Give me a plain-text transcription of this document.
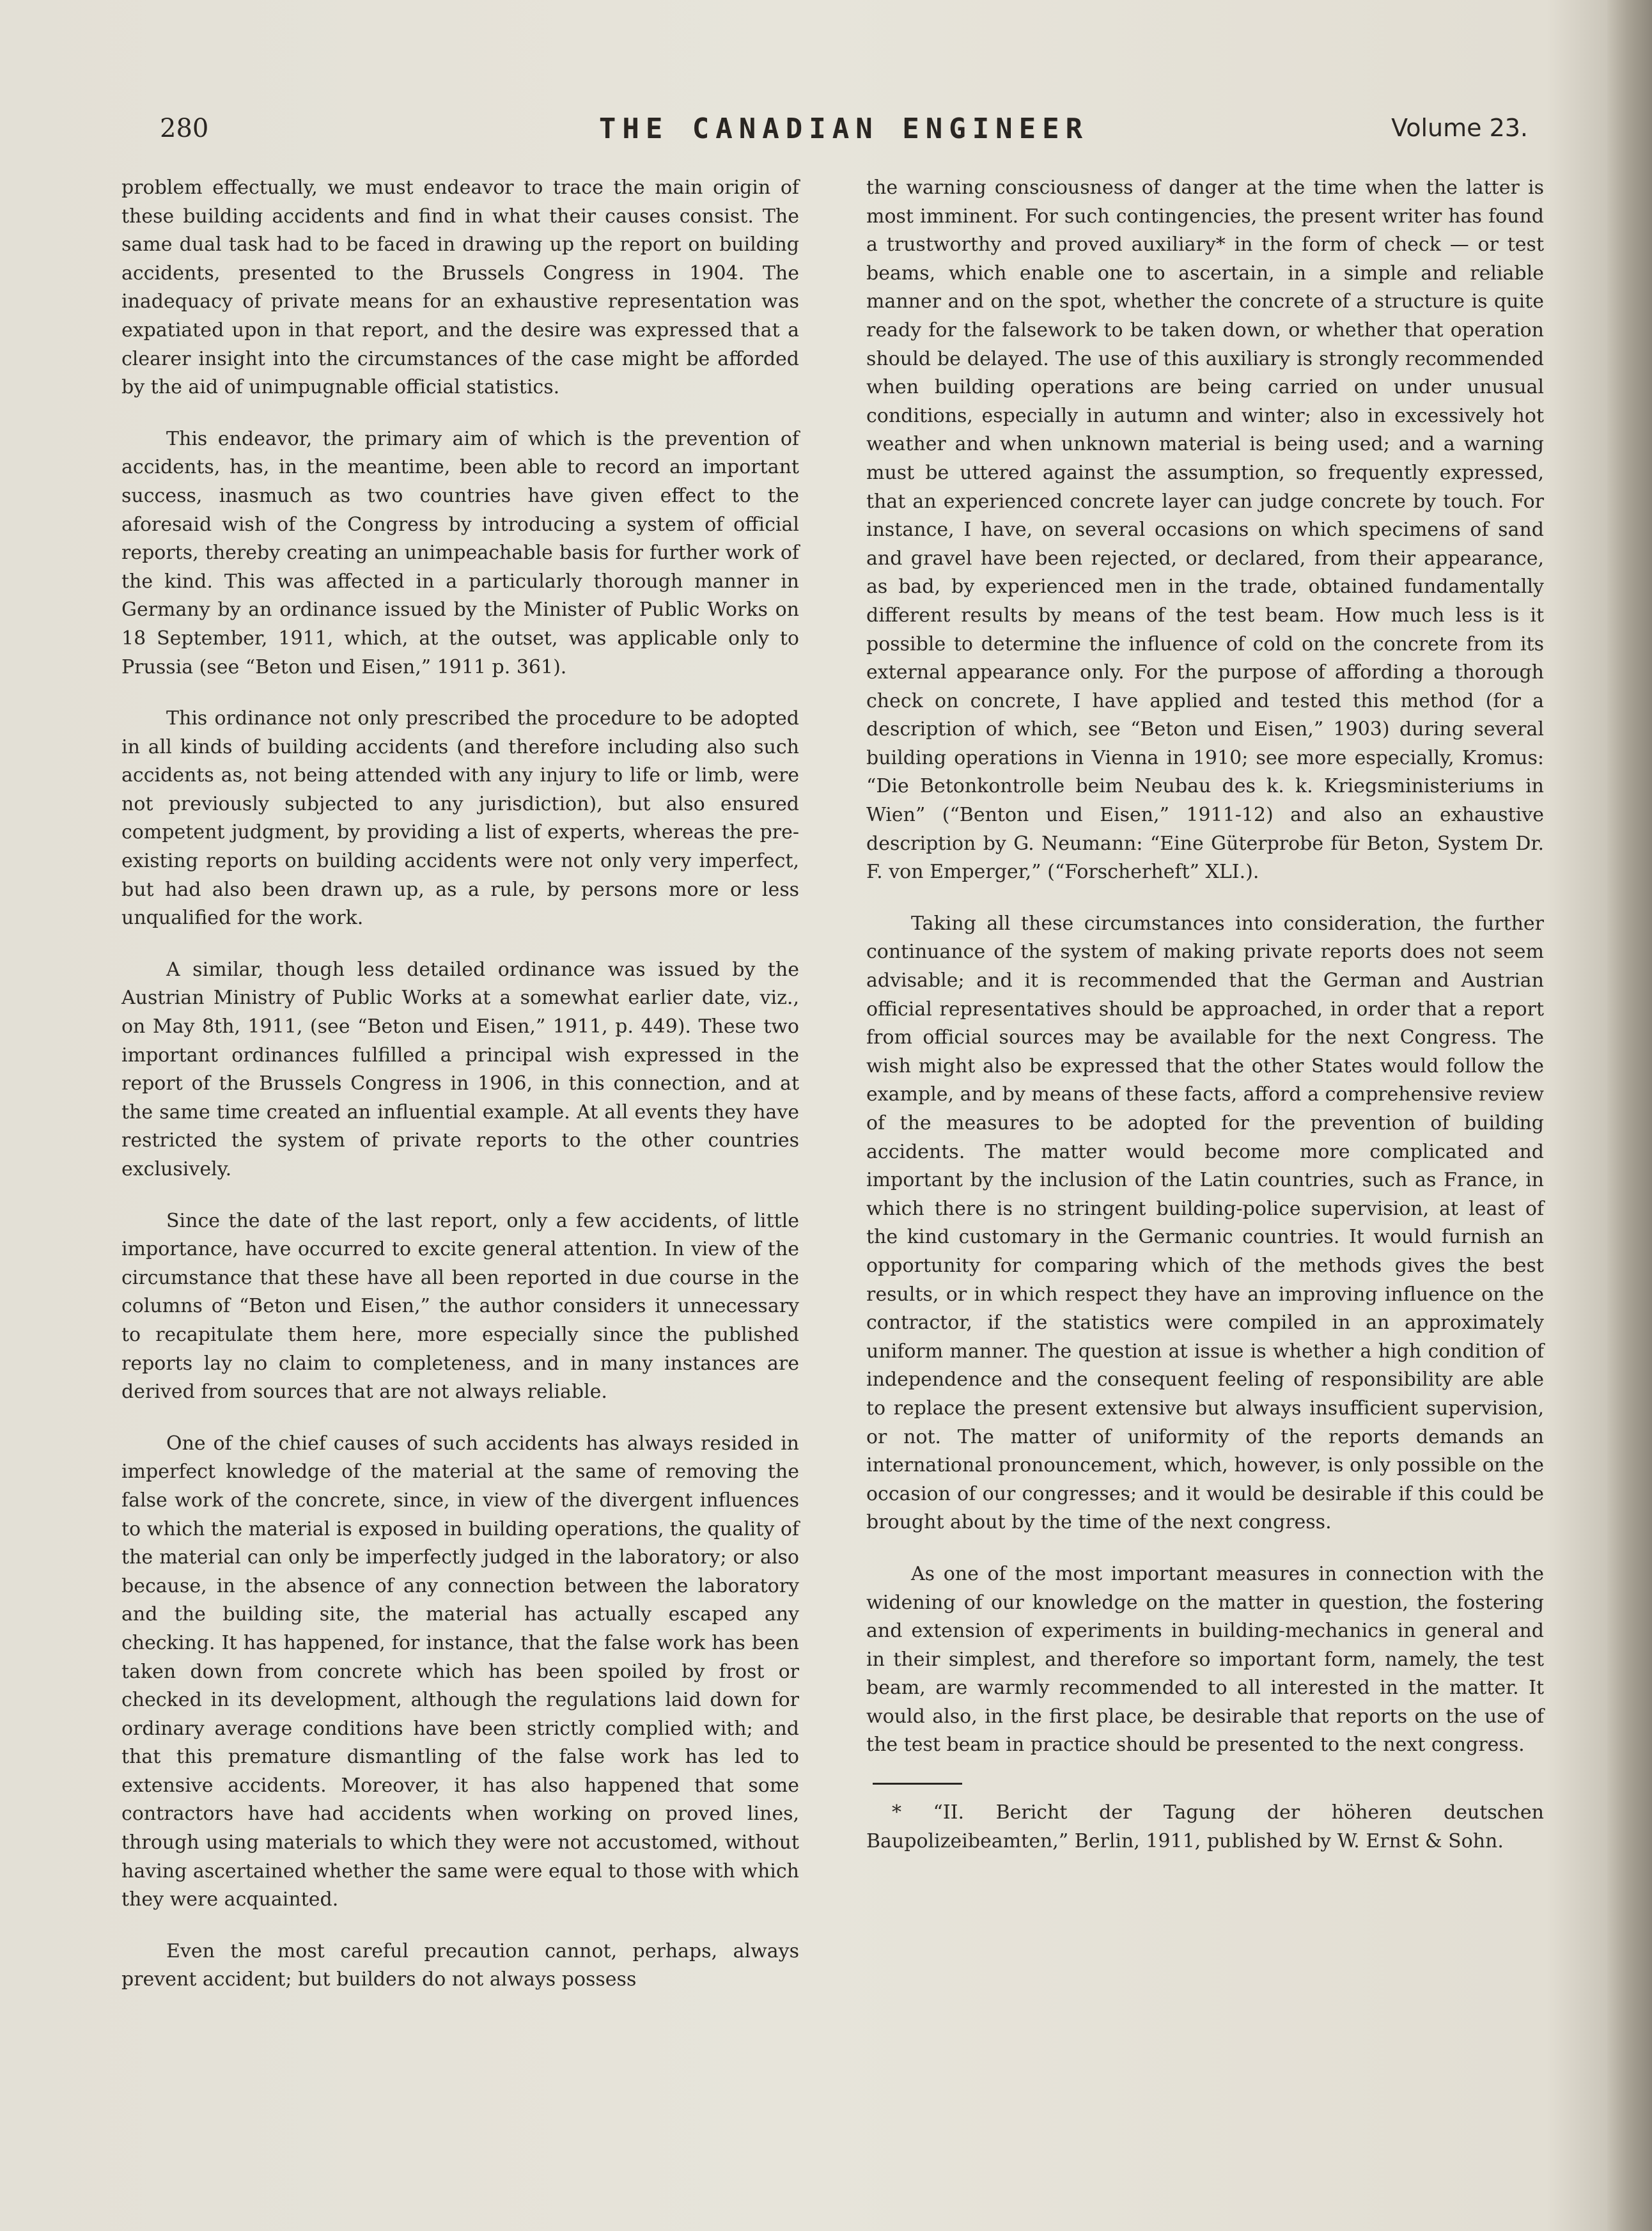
280	THE CANADIAN ENGINEER	Volume 23.

problem effectually, we must endeavor to trace the main origin of these building accidents and find in what their causes consist. The same dual task had to be faced in drawing up the report on building accidents, presented to the Brussels Congress in 1904. The inadequacy of private means for an exhaustive representation was expatiated upon in that report, and the desire was expressed that a clearer insight into the circumstances of the case might be afforded by the aid of unimpugnable official statistics.

This endeavor, the primary aim of which is the prevention of accidents, has, in the meantime, been able to record an important success, inasmuch as two countries have given effect to the aforesaid wish of the Congress by introducing a system of official reports, thereby creating an unimpeachable basis for further work of the kind. This was affected in a particularly thorough manner in Germany by an ordinance issued by the Minister of Public Works on 18 September, 1911, which, at the outset, was applicable only to Prussia (see “Beton und Eisen,” 1911 p. 361).

This ordinance not only prescribed the procedure to be adopted in all kinds of building accidents (and therefore including also such accidents as, not being attended with any injury to life or limb, were not previously subjected to any jurisdiction), but also ensured competent judgment, by providing a list of experts, whereas the pre-existing reports on building accidents were not only very imperfect, but had also been drawn up, as a rule, by persons more or less unqualified for the work.

A similar, though less detailed ordinance was issued by the Austrian Ministry of Public Works at a somewhat earlier date, viz., on May 8th, 1911, (see “Beton und Eisen,” 1911, p. 449). These two important ordinances fulfilled a principal wish expressed in the report of the Brussels Congress in 1906, in this connection, and at the same time created an influential example. At all events they have restricted the system of private reports to the other countries exclusively.

Since the date of the last report, only a few accidents, of little importance, have occurred to excite general attention. In view of the circumstance that these have all been reported in due course in the columns of “Beton und Eisen,” the author considers it unnecessary to recapitulate them here, more especially since the published reports lay no claim to completeness, and in many instances are derived from sources that are not always reliable.

One of the chief causes of such accidents has always resided in imperfect knowledge of the material at the same of removing the false work of the concrete, since, in view of the divergent influences to which the material is exposed in building operations, the quality of the material can only be imperfectly judged in the laboratory; or also because, in the absence of any connection between the laboratory and the building site, the material has actually escaped any checking. It has happened, for instance, that the false work has been taken down from concrete which has been spoiled by frost or checked in its development, although the regulations laid down for ordinary average conditions have been strictly complied with; and that this premature dismantling of the false work has led to extensive accidents. Moreover, it has also happened that some contractors have had accidents when working on proved lines, through using materials to which they were not accustomed, without having ascertained whether the same were equal to those with which they were acquainted.

Even the most careful precaution cannot, perhaps, always prevent accident; but builders do not always possess

the warning consciousness of danger at the time when the latter is most imminent. For such contingencies, the present writer has found a trustworthy and proved auxiliary* in the form of check — or test beams, which enable one to ascertain, in a simple and reliable manner and on the spot, whether the concrete of a structure is quite ready for the falsework to be taken down, or whether that operation should be delayed. The use of this auxiliary is strongly recommended when building operations are being carried on under unusual conditions, especially in autumn and winter; also in excessively hot weather and when unknown material is being used; and a warning must be uttered against the assumption, so frequently expressed, that an experienced concrete layer can judge concrete by touch. For instance, I have, on several occasions on which specimens of sand and gravel have been rejected, or declared, from their appearance, as bad, by experienced men in the trade, obtained fundamentally different results by means of the test beam. How much less is it possible to determine the influence of cold on the concrete from its external appearance only. For the purpose of affording a thorough check on concrete, I have applied and tested this method (for a description of which, see “Beton und Eisen,” 1903) during several building operations in Vienna in 1910; see more especially, Kromus: “Die Betonkontrolle beim Neubau des k. k. Kriegsministeriums in Wien” (“Benton und Eisen,” 1911-12) and also an exhaustive description by G. Neumann: “Eine Güterprobe für Beton, System Dr. F. von Emperger,” (“Forscherheft” XLI.).

Taking all these circumstances into consideration, the further continuance of the system of making private reports does not seem advisable; and it is recommended that the German and Austrian official representatives should be approached, in order that a report from official sources may be available for the next Congress. The wish might also be expressed that the other States would follow the example, and by means of these facts, afford a comprehensive review of the measures to be adopted for the prevention of building accidents. The matter would become more complicated and important by the inclusion of the Latin countries, such as France, in which there is no stringent building-police supervision, at least of the kind customary in the Germanic countries. It would furnish an opportunity for comparing which of the methods gives the best results, or in which respect they have an improving influence on the contractor, if the statistics were compiled in an approximately uniform manner. The question at issue is whether a high condition of independence and the consequent feeling of responsibility are able to replace the present extensive but always insufficient supervision, or not. The matter of uniformity of the reports demands an international pronouncement, which, however, is only possible on the occasion of our congresses; and it would be desirable if this could be brought about by the time of the next congress.

As one of the most important measures in connection with the widening of our knowledge on the matter in question, the fostering and extension of experiments in building-mechanics in general and in their simplest, and therefore so important form, namely, the test beam, are warmly recommended to all interested in the matter. It would also, in the first place, be desirable that reports on the use of the test beam in practice should be presented to the next congress.

* “II. Bericht der Tagung der höheren deutschen Baupolizeibeamten,” Berlin, 1911, published by W. Ernst & Sohn.
